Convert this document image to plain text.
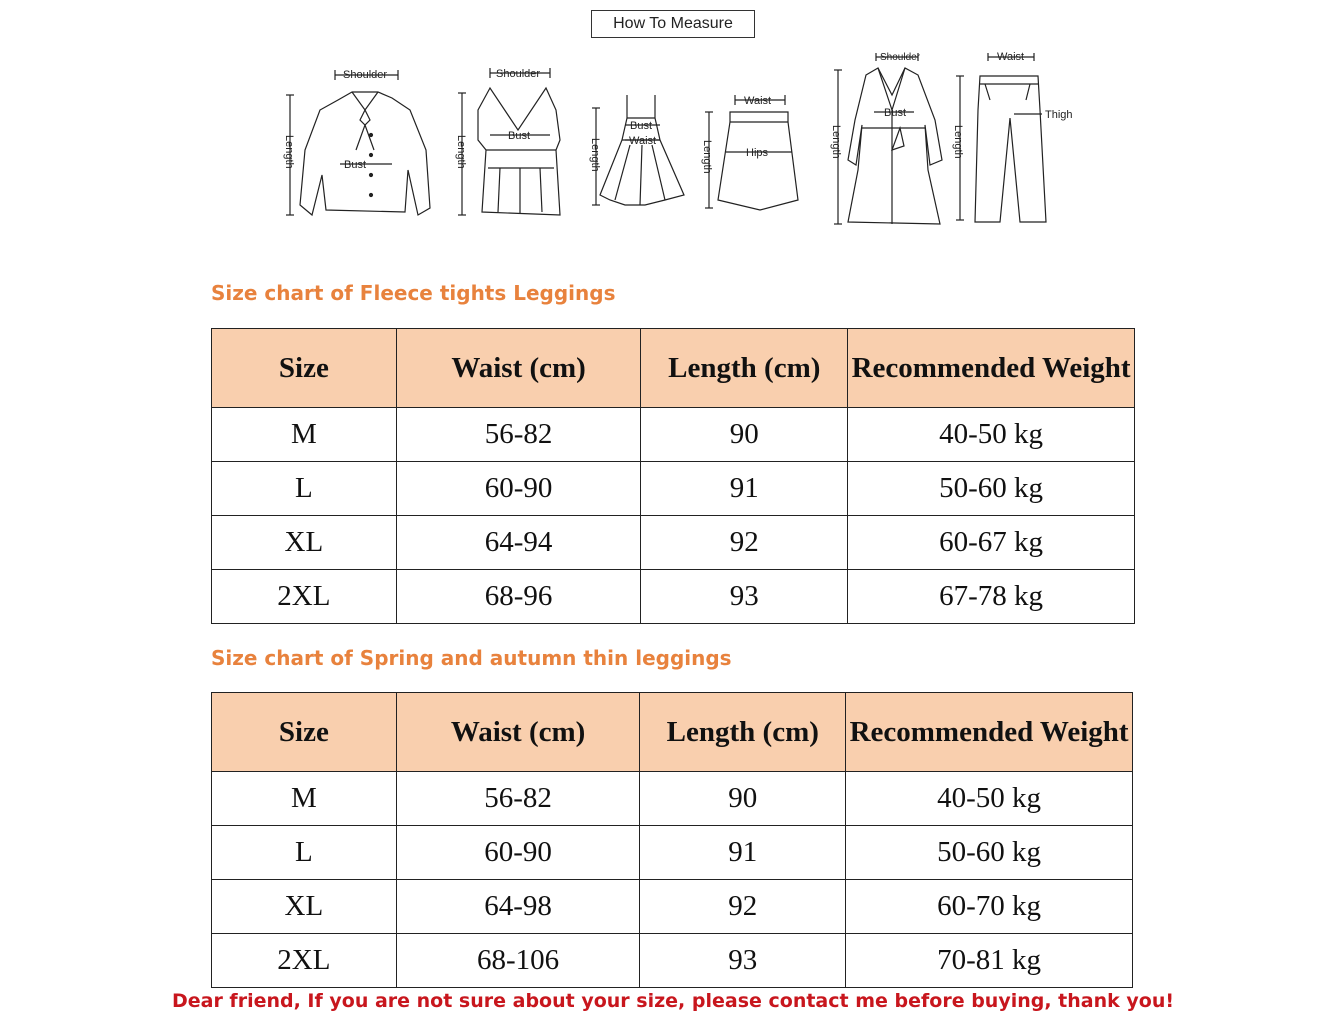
How To Measure
Shoulder
Bust
Length
Shoulder
Bust
Length
Bust
Waist
Length
Waist
Hips
Length
Shoulder
Bust
Length
Waist
Thigh
Length
Size chart of Fleece tights Leggings
Size	Waist (cm)	Length (cm)	Recommended Weight
M	56-82	90	40-50 kg
L	60-90	91	50-60 kg
XL	64-94	92	60-67 kg
2XL	68-96	93	67-78 kg
Size chart of Spring and autumn thin leggings
Size	Waist (cm)	Length (cm)	Recommended Weight
M	56-82	90	40-50 kg
L	60-90	91	50-60 kg
XL	64-98	92	60-70 kg
2XL	68-106	93	70-81 kg
Dear friend, If you are not sure about your size, please contact me before buying, thank you!
